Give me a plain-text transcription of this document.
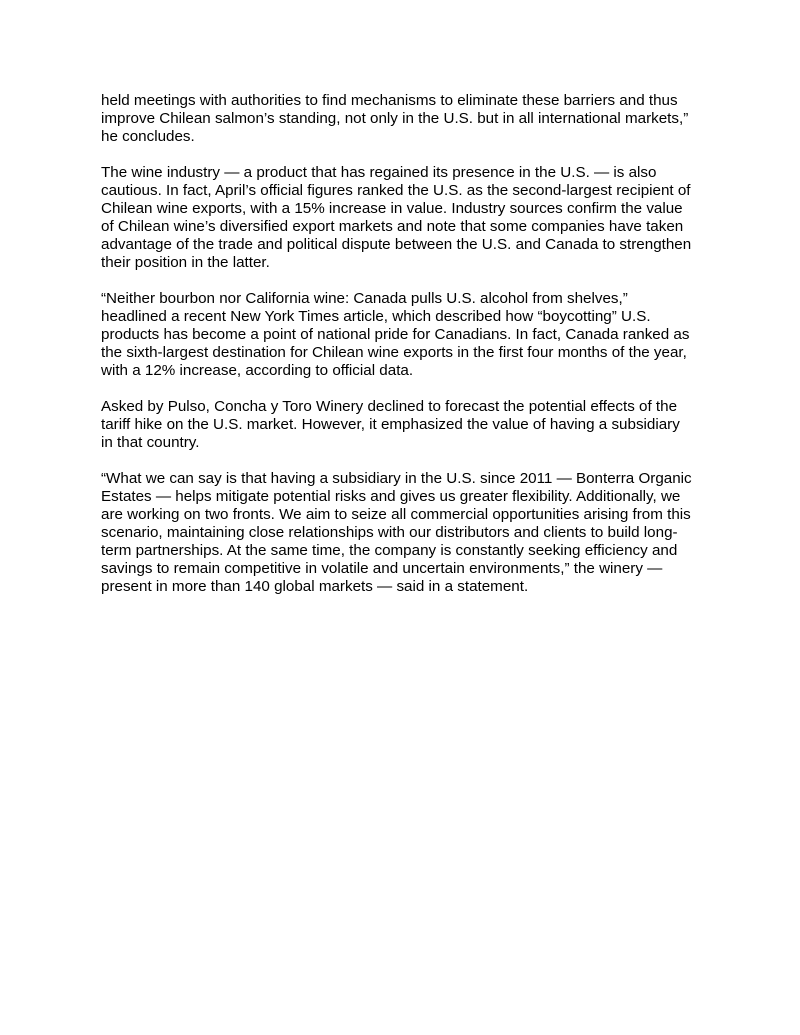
held meetings with authorities to find mechanisms to eliminate these barriers and thus
improve Chilean salmon’s standing, not only in the U.S. but in all international markets,”
he concludes.

The wine industry — a product that has regained its presence in the U.S. — is also
cautious. In fact, April’s official figures ranked the U.S. as the second-largest recipient of
Chilean wine exports, with a 15% increase in value. Industry sources confirm the value
of Chilean wine’s diversified export markets and note that some companies have taken
advantage of the trade and political dispute between the U.S. and Canada to strengthen
their position in the latter.

“Neither bourbon nor California wine: Canada pulls U.S. alcohol from shelves,”
headlined a recent New York Times article, which described how “boycotting” U.S.
products has become a point of national pride for Canadians. In fact, Canada ranked as
the sixth-largest destination for Chilean wine exports in the first four months of the year,
with a 12% increase, according to official data.

Asked by Pulso, Concha y Toro Winery declined to forecast the potential effects of the
tariff hike on the U.S. market. However, it emphasized the value of having a subsidiary
in that country.

“What we can say is that having a subsidiary in the U.S. since 2011 — Bonterra Organic
Estates — helps mitigate potential risks and gives us greater flexibility. Additionally, we
are working on two fronts. We aim to seize all commercial opportunities arising from this
scenario, maintaining close relationships with our distributors and clients to build long-
term partnerships. At the same time, the company is constantly seeking efficiency and
savings to remain competitive in volatile and uncertain environments,” the winery —
present in more than 140 global markets — said in a statement.
